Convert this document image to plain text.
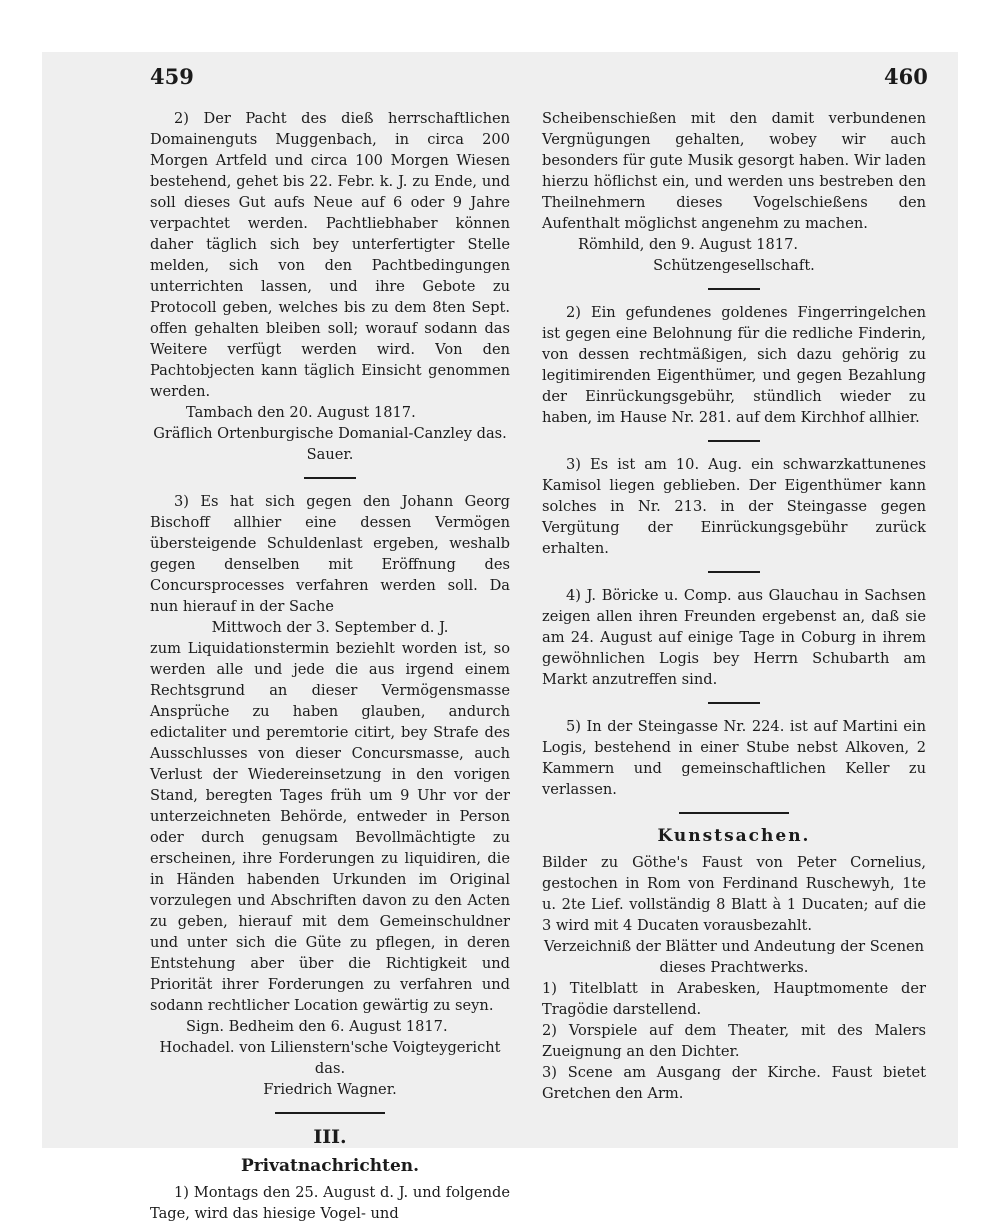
459	460

2) Der Pacht des dieß herrschaftlichen Domainenguts Muggenbach, in circa 200 Morgen Artfeld und circa 100 Morgen Wiesen bestehend, gehet bis 22. Febr. k. J. zu Ende, und soll dieses Gut aufs Neue auf 6 oder 9 Jahre verpachtet werden. Pachtliebhaber können daher täglich sich bey unterfertigter Stelle melden, sich von den Pachtbedingungen unterrichten lassen, und ihre Gebote zu Protocoll geben, welches bis zu dem 8ten Sept. offen gehalten bleiben soll; worauf sodann das Weitere verfügt werden wird. Von den Pachtobjecten kann täglich Einsicht genommen werden.

Tambach den 20. August 1817.

Gräflich Ortenburgische Domanial-Canzley das.

Sauer.

3) Es hat sich gegen den Johann Georg Bischoff allhier eine dessen Vermögen übersteigende Schuldenlast ergeben, weshalb gegen denselben mit Eröffnung des Concursprocesses verfahren werden soll. Da nun hierauf in der Sache

Mittwoch der 3. September d. J.

zum Liquidationstermin beziehlt worden ist, so werden alle und jede die aus irgend einem Rechtsgrund an dieser Vermögensmasse Ansprüche zu haben glauben, andurch edictaliter und peremtorie citirt, bey Strafe des Ausschlusses von dieser Concursmasse, auch Verlust der Wiedereinsetzung in den vorigen Stand, beregten Tages früh um 9 Uhr vor der unterzeichneten Behörde, entweder in Person oder durch genugsam Bevollmächtigte zu erscheinen, ihre Forderungen zu liquidiren, die in Händen habenden Urkunden im Original vorzulegen und Abschriften davon zu den Acten zu geben, hierauf mit dem Gemeinschuldner und unter sich die Güte zu pflegen, in deren Entstehung aber über die Richtigkeit und Priorität ihrer Forderungen zu verfahren und sodann rechtlicher Location gewärtig zu seyn.

Sign. Bedheim den 6. August 1817.

Hochadel. von Lilienstern'sche Voigteygericht das.

Friedrich Wagner.

III.
Privatnachrichten.

1) Montags den 25. August d. J. und folgende Tage, wird das hiesige Vogel- und

Scheibenschießen mit den damit verbundenen Vergnügungen gehalten, wobey wir auch besonders für gute Musik gesorgt haben. Wir laden hierzu höflichst ein, und werden uns bestreben den Theilnehmern dieses Vogelschießens den Aufenthalt möglichst angenehm zu machen.

Römhild, den 9. August 1817.

Schützengesellschaft.

2) Ein gefundenes goldenes Fingerringelchen ist gegen eine Belohnung für die redliche Finderin, von dessen rechtmäßigen, sich dazu gehörig zu legitimirenden Eigenthümer, und gegen Bezahlung der Einrückungsgebühr, stündlich wieder zu haben, im Hause Nr. 281. auf dem Kirchhof allhier.

3) Es ist am 10. Aug. ein schwarzkattunenes Kamisol liegen geblieben. Der Eigenthümer kann solches in Nr. 213. in der Steingasse gegen Vergütung der Einrückungsgebühr zurück erhalten.

4) J. Böricke u. Comp. aus Glauchau in Sachsen zeigen allen ihren Freunden ergebenst an, daß sie am 24. August auf einige Tage in Coburg in ihrem gewöhnlichen Logis bey Herrn Schubarth am Markt anzutreffen sind.

5) In der Steingasse Nr. 224. ist auf Martini ein Logis, bestehend in einer Stube nebst Alkoven, 2 Kammern und gemeinschaftlichen Keller zu verlassen.

Kunstsachen.

Bilder zu Göthe's Faust von Peter Cornelius, gestochen in Rom von Ferdinand Ruschewyh, 1te u. 2te Lief. vollständig 8 Blatt à 1 Ducaten; auf die 3 wird mit 4 Ducaten vorausbezahlt.

Verzeichniß der Blätter und Andeutung der Scenen dieses Prachtwerks.

1) Titelblatt in Arabesken, Hauptmomente der Tragödie darstellend.

2) Vorspiele auf dem Theater, mit des Malers Zueignung an den Dichter.

3) Scene am Ausgang der Kirche. Faust bietet Gretchen den Arm.
